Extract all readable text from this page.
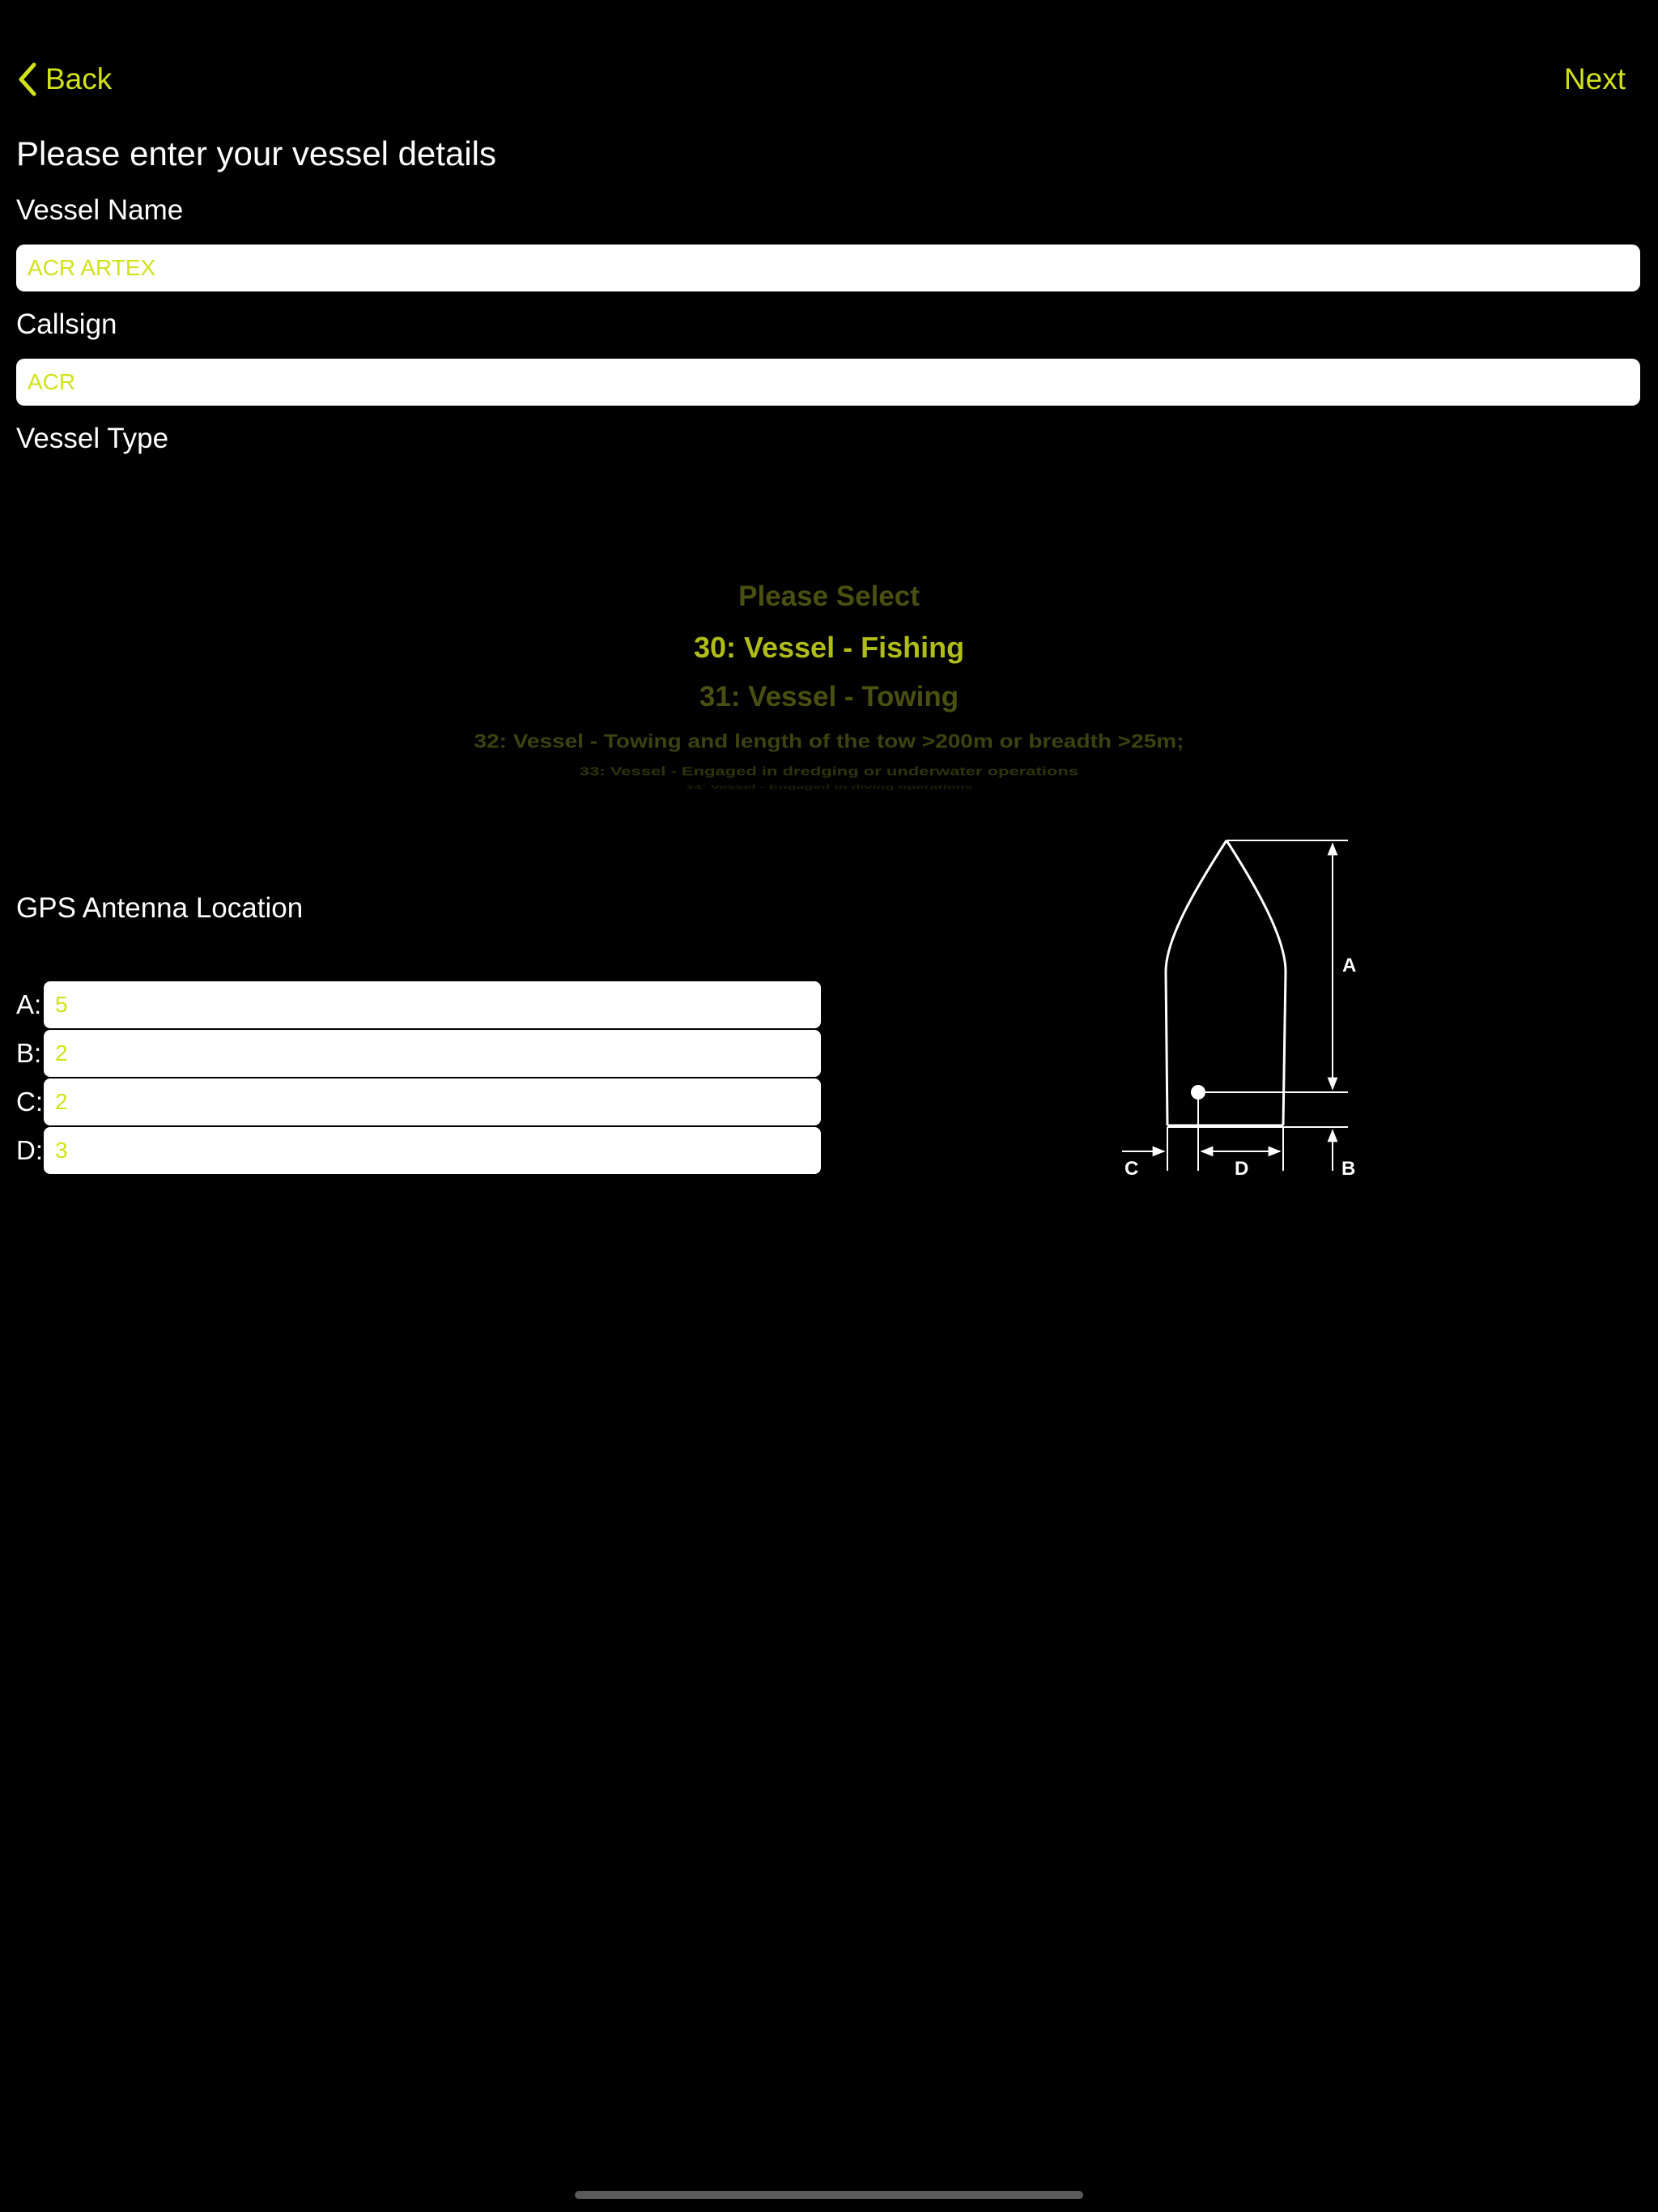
Back	Next
Please enter your vessel details
Vessel Name
ACR ARTEX
Callsign
ACR
Vessel Type
Please Select
30: Vessel - Fishing
31: Vessel - Towing
32: Vessel - Towing and length of the tow >200m or breadth >25m;
33: Vessel - Engaged in dredging or underwater operations
34: Vessel - Engaged in diving operations
GPS Antenna Location
A: 5
B: 2
C: 2
D: 3
A
B
C	D
